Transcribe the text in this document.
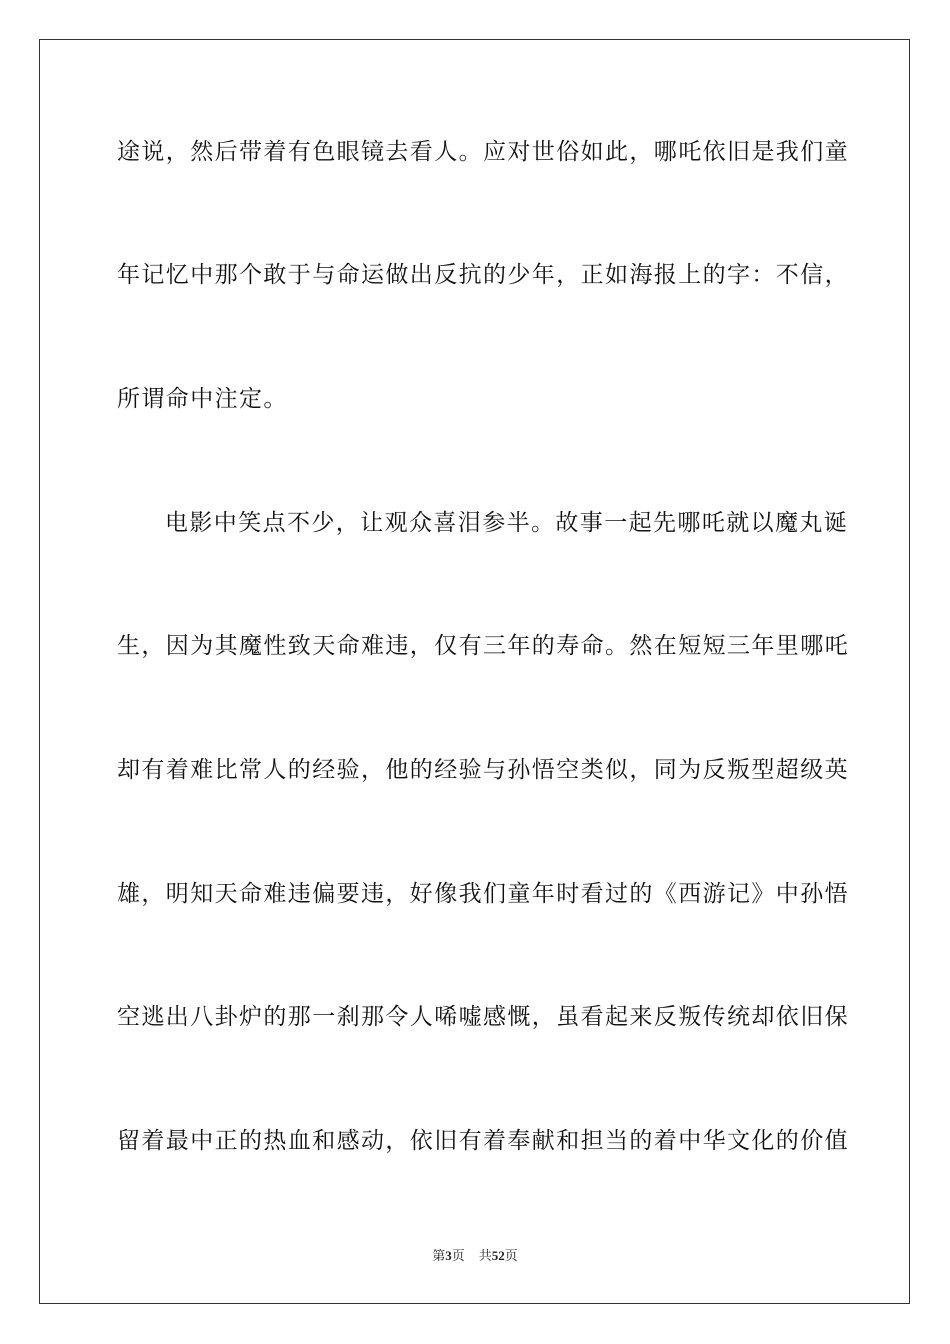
途说，然后带着有色眼镜去看人。应对世俗如此，哪吒依旧是我们童
年记忆中那个敢于与命运做出反抗的少年，正如海报上的字：不信，
所谓命中注定。
电影中笑点不少，让观众喜泪参半。故事一起先哪吒就以魔丸诞
生，因为其魔性致天命难违，仅有三年的寿命。然在短短三年里哪吒
却有着难比常人的经验，他的经验与孙悟空类似，同为反叛型超级英
雄，明知天命难违偏要违，好像我们童年时看过的《西游记》中孙悟
空逃出八卦炉的那一刹那令人唏嘘感慨，虽看起来反叛传统却依旧保
留着最中正的热血和感动，依旧有着奉献和担当的着中华文化的价值
第3页 共52页
